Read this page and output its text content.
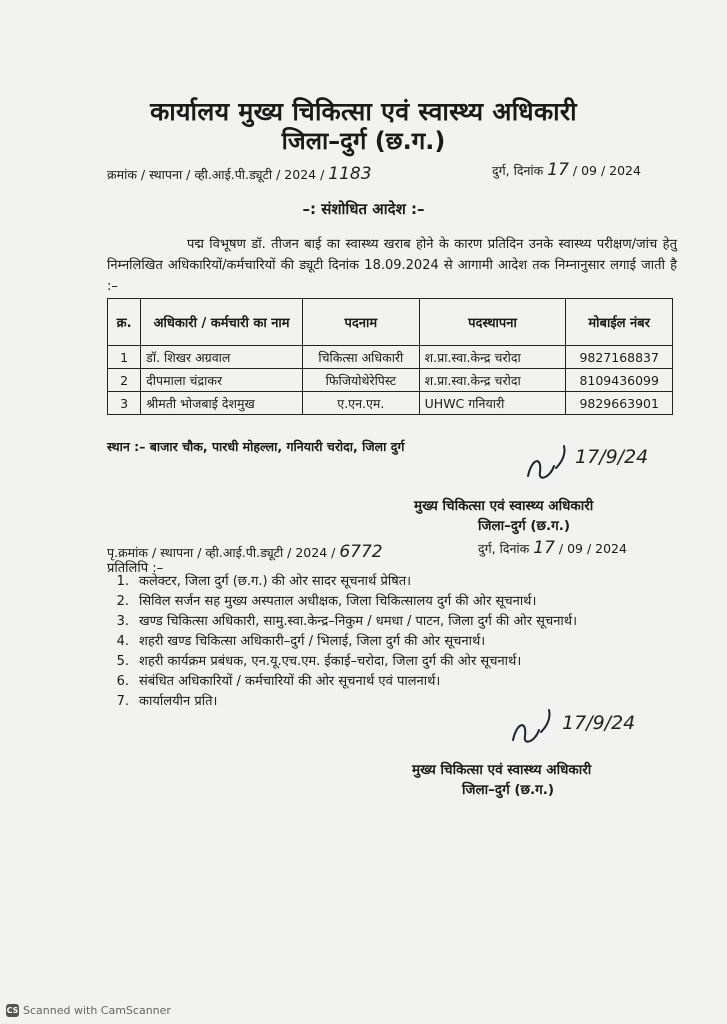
कार्यालय मुख्य चिकित्सा एवं स्वास्थ्य अधिकारी
जिला–दुर्ग (छ.ग.)
क्रमांक / स्थापना / व्ही.आई.पी.ड्यूटी / 2024 / 1183	दुर्ग, दिनांक 17 / 09 / 2024
–: संशोधित आदेश :–
पद्म विभूषण डॉ. तीजन बाई का स्वास्थ्य खराब होने के कारण प्रतिदिन उनके स्वास्थ्य परीक्षण/जांच हेतु निम्नलिखित अधिकारियों/कर्मचारियों की ड्यूटी दिनांक 18.09.2024 से आगामी आदेश तक निम्नानुसार लगाई जाती है :–
क्र.	अधिकारी / कर्मचारी का नाम	पदनाम	पदस्थापना	मोबाईल नंबर
1	डॉ. शिखर अग्रवाल	चिकित्सा अधिकारी	श.प्रा.स्वा.केन्द्र चरोदा	9827168837
2	दीपमाला चंद्राकर	फिजियोथेरेपिस्ट	श.प्रा.स्वा.केन्द्र चरोदा	8109436099
3	श्रीमती भोजबाई देशमुख	ए.एन.एम.	UHWC गनियारी	9829663901
स्थान :– बाजार चौक, पारधी मोहल्ला, गनियारी चरोदा, जिला दुर्ग	17/9/24
मुख्य चिकित्सा एवं स्वास्थ्य अधिकारी
जिला–दुर्ग (छ.ग.)
पृ.क्रमांक / स्थापना / व्ही.आई.पी.ड्यूटी / 2024 / 6772	दुर्ग, दिनांक 17 / 09 / 2024
प्रतिलिपि :–
1. कलेक्टर, जिला दुर्ग (छ.ग.) की ओर सादर सूचनार्थ प्रेषित।
2. सिविल सर्जन सह मुख्य अस्पताल अधीक्षक, जिला चिकित्सालय दुर्ग की ओर सूचनार्थ।
3. खण्ड चिकित्सा अधिकारी, सामु.स्वा.केन्द्र–निकुम / धमधा / पाटन, जिला दुर्ग की ओर सूचनार्थ।
4. शहरी खण्ड चिकित्सा अधिकारी–दुर्ग / भिलाई, जिला दुर्ग की ओर सूचनार्थ।
5. शहरी कार्यक्रम प्रबंधक, एन.यू.एच.एम. ईकाई–चरोदा, जिला दुर्ग की ओर सूचनार्थ।
6. संबंधित अधिकारियों / कर्मचारियों की ओर सूचनार्थ एवं पालनार्थ।
7. कार्यालयीन प्रति।
17/9/24
मुख्य चिकित्सा एवं स्वास्थ्य अधिकारी
जिला–दुर्ग (छ.ग.)
CS Scanned with CamScanner
